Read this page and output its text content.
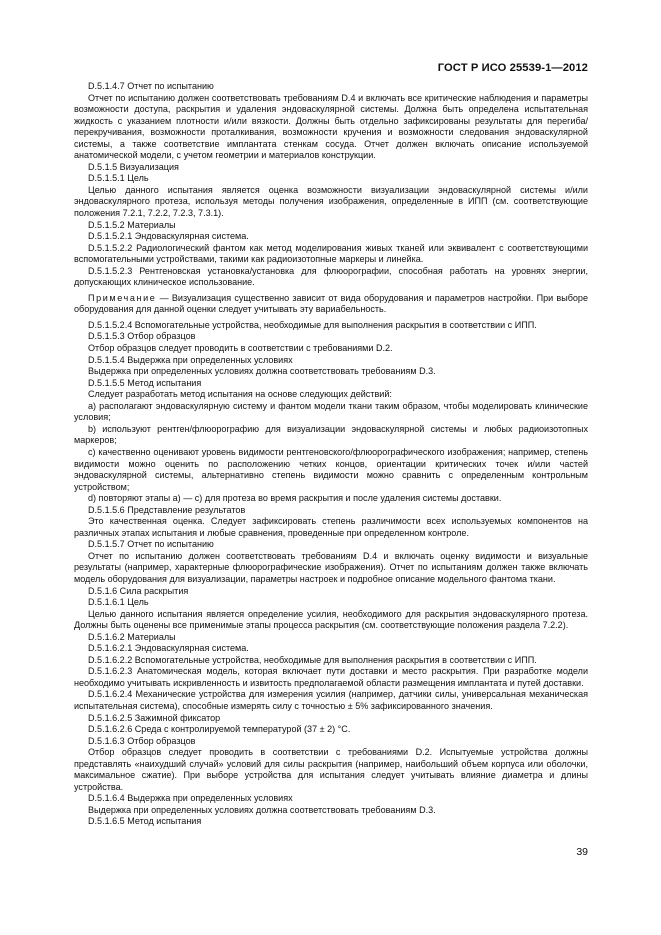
ГОСТ Р ИСО 25539-1—2012

D.5.1.4.7 Отчет по испытанию

Отчет по испытанию должен соответствовать требованиям D.4 и включать все критические наблюдения и параметры возможности доступа, раскрытия и удаления эндоваскулярной системы. Должна быть определена испытательная жидкость с указанием плотности и/или вязкости. Должны быть отдельно зафиксированы результаты для перегиба/перекручивания, возможности проталкивания, возможности кручения и возможности следования эндоваскулярной системы, а также соответствие имплантата стенкам сосуда. Отчет должен включать описание используемой анатомической модели, с учетом геометрии и материалов конструкции.

D.5.1.5 Визуализация

D.5.1.5.1 Цель

Целью данного испытания является оценка возможности визуализации эндоваскулярной системы и/или эндоваскулярного протеза, используя методы получения изображения, определенные в ИПП (см. соответствующие положения 7.2.1, 7.2.2, 7.2.3, 7.3.1).

D.5.1.5.2 Материалы

D.5.1.5.2.1 Эндоваскулярная система.

D.5.1.5.2.2 Радиологический фантом как метод моделирования живых тканей или эквивалент с соответствующими вспомогательными устройствами, такими как радиоизотопные маркеры и линейка.

D.5.1.5.2.3 Рентгеновская установка/установка для флюорографии, способная работать на уровнях энергии, допускающих клиническое использование.

Примечание — Визуализация существенно зависит от вида оборудования и параметров настройки. При выборе оборудования для данной оценки следует учитывать эту вариабельность.

D.5.1.5.2.4 Вспомогательные устройства, необходимые для выполнения раскрытия в соответствии с ИПП.

D.5.1.5.3 Отбор образцов

Отбор образцов следует проводить в соответствии с требованиями D.2.

D.5.1.5.4 Выдержка при определенных условиях

Выдержка при определенных условиях должна соответствовать требованиям D.3.

D.5.1.5.5 Метод испытания

Следует разработать метод испытания на основе следующих действий:

a) располагают эндоваскулярную систему и фантом модели ткани таким образом, чтобы моделировать клинические условия;

b) используют рентген/флюорографию для визуализации эндоваскулярной системы и любых радиоизотопных маркеров;

c) качественно оценивают уровень видимости рентгеновского/флюорографического изображения; например, степень видимости можно оценить по расположению четких концов, ориентации критических точек и/или частей эндоваскулярной системы, альтернативно степень видимости можно сравнить с определенным контрольным устройством;

d) повторяют этапы a) — c) для протеза во время раскрытия и после удаления системы доставки.

D.5.1.5.6 Представление результатов

Это качественная оценка. Следует зафиксировать степень различимости всех используемых компонентов на различных этапах испытания и любые сравнения, проведенные при определенном контроле.

D.5.1.5.7 Отчет по испытанию

Отчет по испытанию должен соответствовать требованиям D.4 и включать оценку видимости и визуальные результаты (например, характерные флюорографические изображения). Отчет по испытаниям должен также включать модель оборудования для визуализации, параметры настроек и подробное описание модельного фантома ткани.

D.5.1.6 Сила раскрытия

D.5.1.6.1 Цель

Целью данного испытания является определение усилия, необходимого для раскрытия эндоваскулярного протеза. Должны быть оценены все применимые этапы процесса раскрытия (см. соответствующие положения раздела 7.2.2).

D.5.1.6.2 Материалы

D.5.1.6.2.1 Эндоваскулярная система.

D.5.1.6.2.2 Вспомогательные устройства, необходимые для выполнения раскрытия в соответствии с ИПП.

D.5.1.6.2.3 Анатомическая модель, которая включает пути доставки и место раскрытия. При разработке модели необходимо учитывать искривленность и извитость предполагаемой области размещения имплантата и путей доставки.

D.5.1.6.2.4 Механические устройства для измерения усилия (например, датчики силы, универсальная механическая испытательная система), способные измерять силу с точностью ± 5% зафиксированного значения.

D.5.1.6.2.5 Зажимной фиксатор

D.5.1.6.2.6 Среда с контролируемой температурой (37 ± 2) °С.

D.5.1.6.3 Отбор образцов

Отбор образцов следует проводить в соответствии с требованиями D.2. Испытуемые устройства должны представлять «наихудший случай» условий для силы раскрытия (например, наибольший объем корпуса или оболочки, максимальное сжатие). При выборе устройства для испытания следует учитывать влияние диаметра и длины устройства.

D.5.1.6.4 Выдержка при определенных условиях

Выдержка при определенных условиях должна соответствовать требованиям D.3.

D.5.1.6.5 Метод испытания

39
